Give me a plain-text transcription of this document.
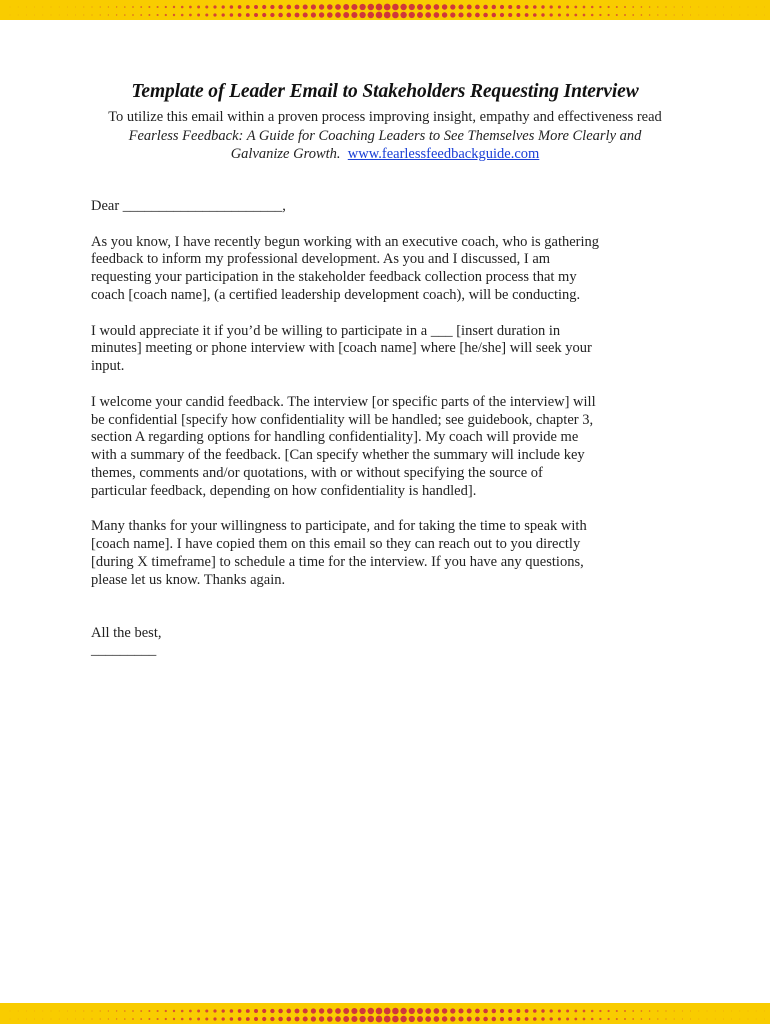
Template of Leader Email to Stakeholders Requesting Interview
To utilize this email within a proven process improving insight, empathy and effectiveness read
Fearless Feedback: A Guide for Coaching Leaders to See Themselves More Clearly and
Galvanize Growth. www.fearlessfeedbackguide.com

Dear ______________________,

As you know, I have recently begun working with an executive coach, who is gathering feedback to inform my professional development. As you and I discussed, I am requesting your participation in the stakeholder feedback collection process that my coach [coach name], (a certified leadership development coach), will be conducting.

I would appreciate it if you’d be willing to participate in a ___ [insert duration in minutes] meeting or phone interview with [coach name] where [he/she] will seek your input.

I welcome your candid feedback. The interview [or specific parts of the interview] will be confidential [specify how confidentiality will be handled; see guidebook, chapter 3, section A regarding options for handling confidentiality]. My coach will provide me with a summary of the feedback. [Can specify whether the summary will include key themes, comments and/or quotations, with or without specifying the source of particular feedback, depending on how confidentiality is handled].

Many thanks for your willingness to participate, and for taking the time to speak with [coach name]. I have copied them on this email so they can reach out to you directly [during X timeframe] to schedule a time for the interview. If you have any questions, please let us know. Thanks again.

All the best,

_________
